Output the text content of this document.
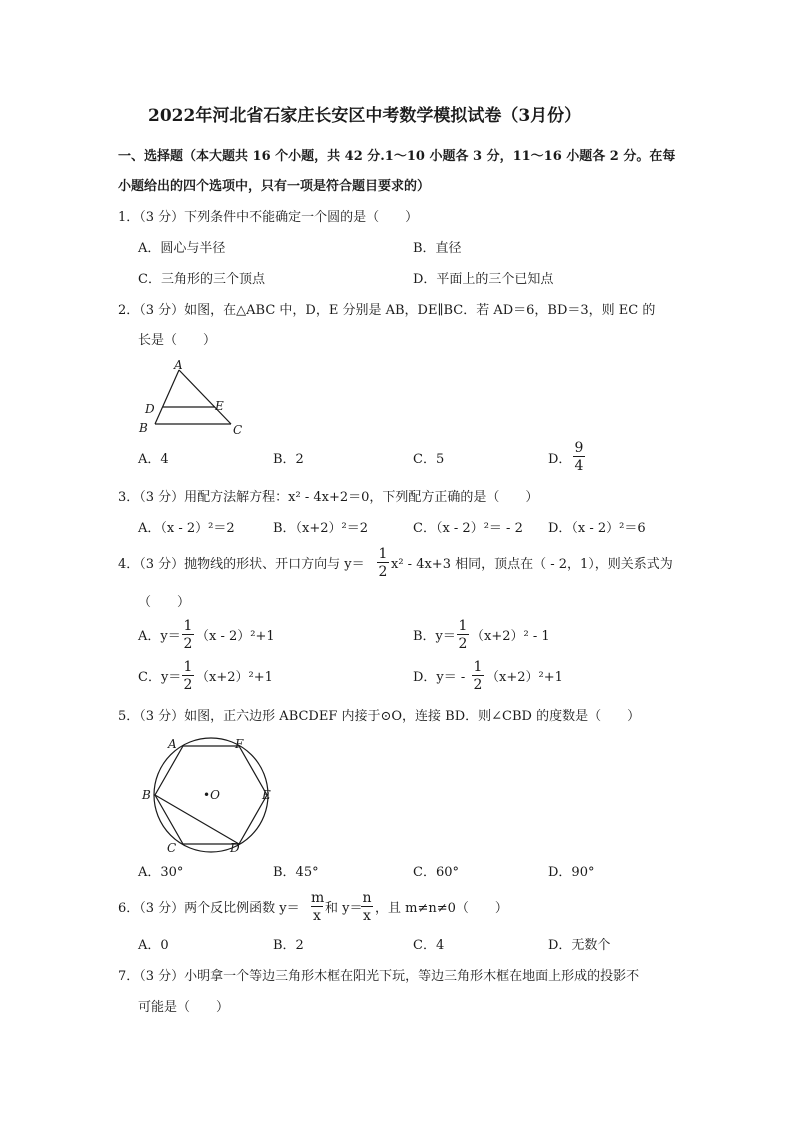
2022年河北省石家庄长安区中考数学模拟试卷（3月份）
一、选择题（本大题共 16 个小题，共 42 分.1～10 小题各 3 分，11～16 小题各 2 分。在每
小题给出的四个选项中，只有一项是符合题目要求的）
1．（3 分）下列条件中不能确定一个圆的是（　　）
A．圆心与半径	B．直径
C．三角形的三个顶点	D．平面上的三个已知点
2．（3 分）如图，在△ABC 中，D，E 分别是 AB，DE∥BC．若 AD＝6，BD＝3，则 EC 的
长是（　　）
A
D	E
B	C
A．4	B．2	C．5	D．
9
4
3．（3 分）用配方法解方程：x² - 4x+2＝0，下列配方正确的是（　　）
A．（x - 2）²＝2	B．（x+2）²＝2	C．（x - 2）²＝ - 2 D．（x - 2）²＝6
4．（3 分）抛物线的形状、开口方向与 y＝
1
2 x² - 4x+3 相同，顶点在（ - 2，1），则关系式为
（　　）
A．y＝
1
2 （x - 2）²+1	B．y＝
1
2 （x+2）² - 1
C．y＝
1
2 （x+2）²+1	D．y＝ -
1
2 （x+2）²+1
5．（3 分）如图，正六边形 ABCDEF 内接于⊙O，连接 BD．则∠CBD 的度数是（　　）
A	F
B	•O	E
C	D
A．30°	B．45°	C．60°	D．90°
6．（3 分）两个反比例函数 y＝
m
x 和 y＝
n
x ，且 m≠n≠0（　　）
A．0	B．2	C．4	D．无数个
7．（3 分）小明拿一个等边三角形木框在阳光下玩，等边三角形木框在地面上形成的投影不
可能是（　　）
